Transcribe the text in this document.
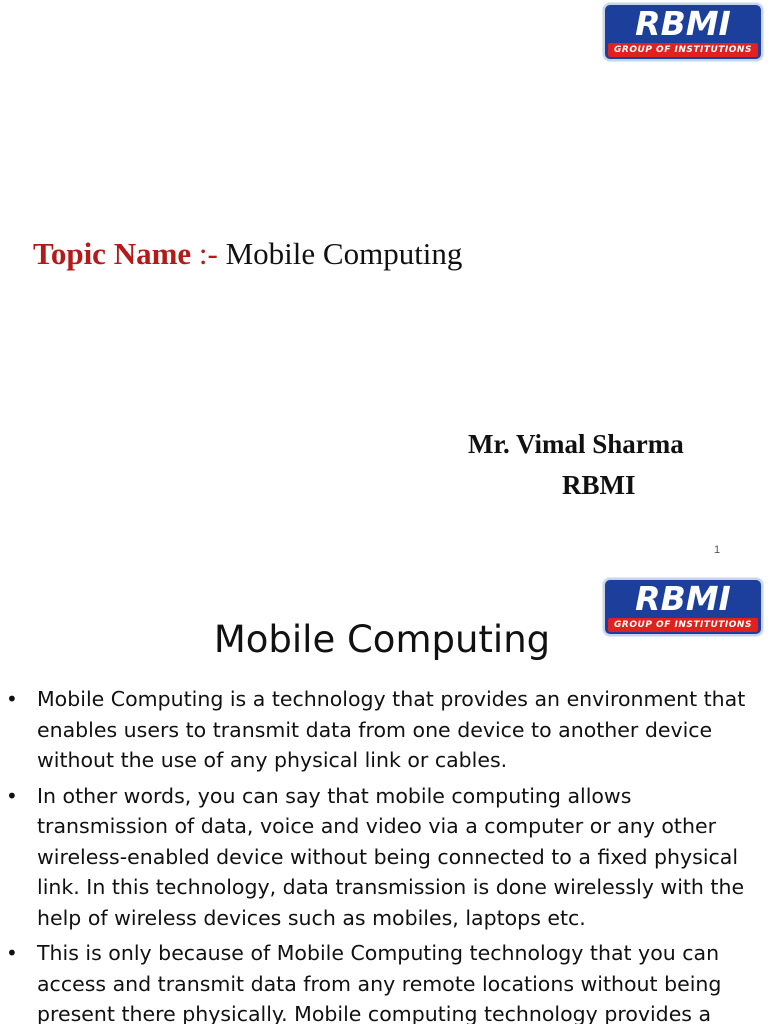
RBMI
GROUP OF INSTITUTIONS
Topic Name :- Mobile Computing
Mr. Vimal Sharma
RBMI
1
RBMI
GROUP OF INSTITUTIONS
Mobile Computing
• Mobile Computing is a technology that provides an environment that enables users to transmit data from one device to another device without the use of any physical link or cables.
• In other words, you can say that mobile computing allows transmission of data, voice and video via a computer or any other wireless-enabled device without being connected to a fixed physical link. In this technology, data transmission is done wirelessly with the help of wireless devices such as mobiles, laptops etc.
• This is only because of Mobile Computing technology that you can access and transmit data from any remote locations without being present there physically. Mobile computing technology provides a
